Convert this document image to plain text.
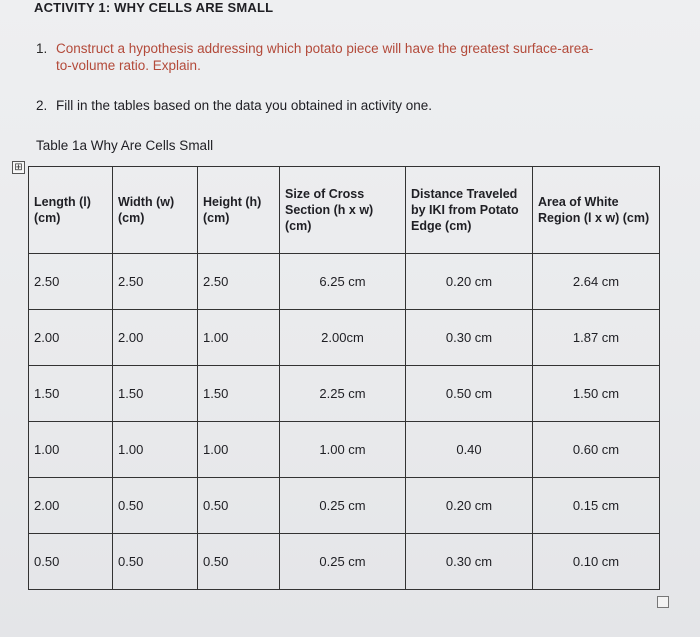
ACTIVITY 1: WHY CELLS ARE SMALL
1. Construct a hypothesis addressing which potato piece will have the greatest surface-area-
to-volume ratio. Explain.
2. Fill in the tables based on the data you obtained in activity one.
Table 1a Why Are Cells Small
⊞
Length (l) (cm)	Width (w) (cm)	Height (h) (cm)	Size of Cross Section (h x w) (cm)	Distance Traveled by IKI from Potato Edge (cm)	Area of White Region (l x w) (cm)
2.50	2.50	2.50	6.25 cm	0.20 cm	2.64 cm
2.00	2.00	1.00	2.00cm	0.30 cm	1.87 cm
1.50	1.50	1.50	2.25 cm	0.50 cm	1.50 cm
1.00	1.00	1.00	1.00 cm	0.40	0.60 cm
2.00	0.50	0.50	0.25 cm	0.20 cm	0.15 cm
0.50	0.50	0.50	0.25 cm	0.30 cm	0.10 cm
